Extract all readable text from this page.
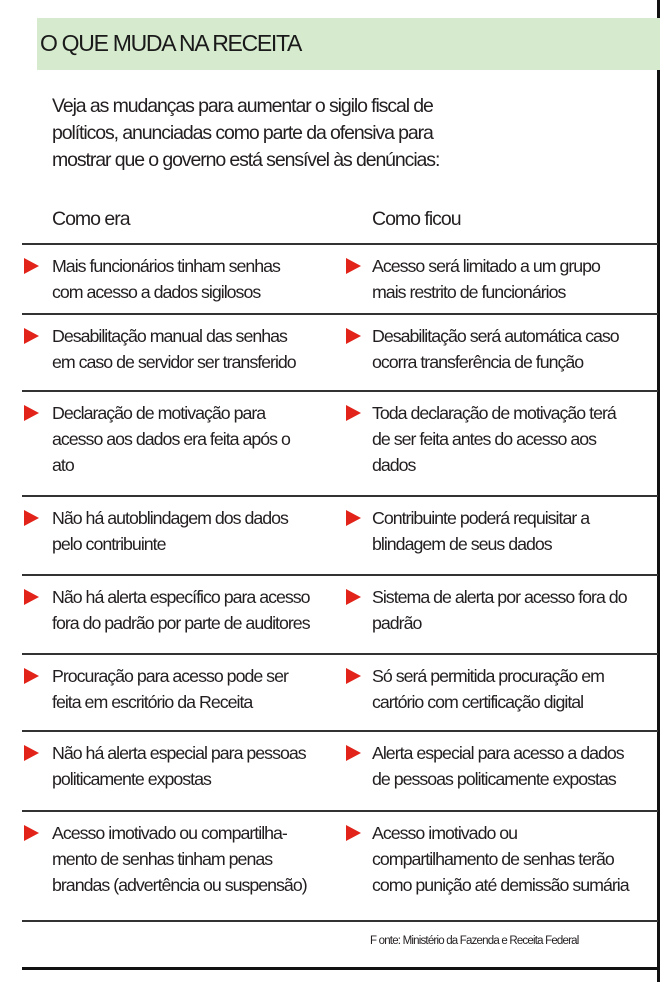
O QUE MUDA NA RECEITA
Veja as mudanças para aumentar o sigilo fiscal de
políticos, anunciadas como parte da ofensiva para
mostrar que o governo está sensível às denúncias:
Como era	Como ficou
Mais funcionários tinham senhas
com acesso a dados sigilosos
Acesso será limitado a um grupo
mais restrito de funcionários
Desabilitação manual das senhas
em caso de servidor ser transferido
Desabilitação será automática caso
ocorra transferência de função
Declaração de motivação para
acesso aos dados era feita após o
ato
Toda declaração de motivação terá
de ser feita antes do acesso aos
dados
Não há autoblindagem dos dados
pelo contribuinte
Contribuinte poderá requisitar a
blindagem de seus dados
Não há alerta específico para acesso
fora do padrão por parte de auditores
Sistema de alerta por acesso fora do
padrão
Procuração para acesso pode ser
feita em escritório da Receita
Só será permitida procuração em
cartório com certificação digital
Não há alerta especial para pessoas
politicamente expostas
Alerta especial para acesso a dados
de pessoas politicamente expostas
Acesso imotivado ou compartilha-
mento de senhas tinham penas
brandas (advertência ou suspensão)
Acesso imotivado ou
compartilhamento de senhas terão
como punição até demissão sumária
F onte: Ministério da Fazenda e Receita Federal
